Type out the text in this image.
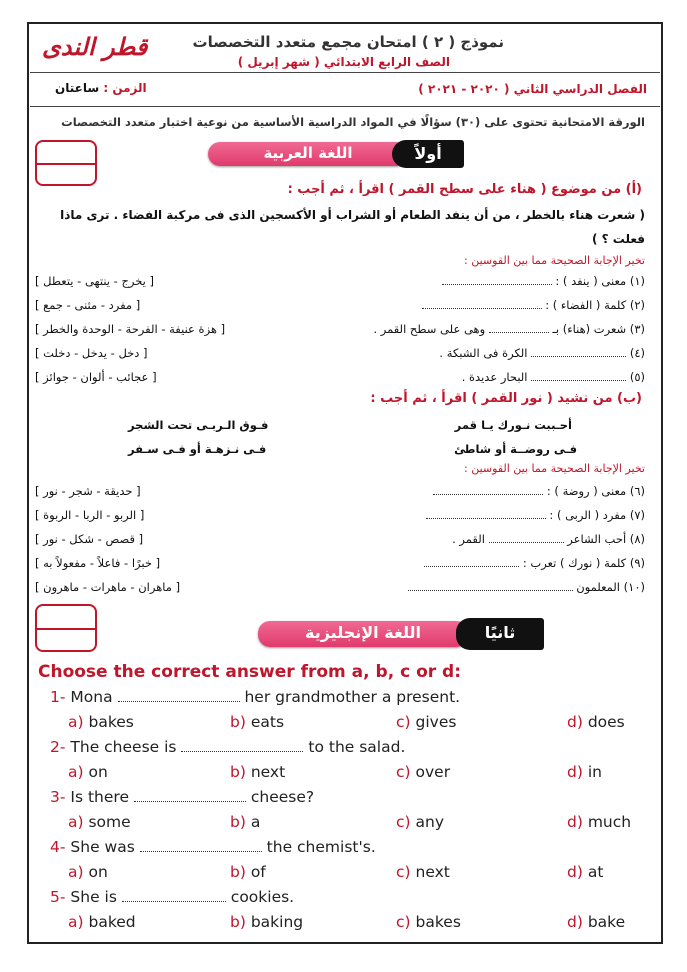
قطر الندى	نموذج ( ٢ ) امتحان مجمع متعدد التخصصات
الصف الرابع الابتدائي ( شهر إبريل )
الفصل الدراسي الثاني ( ٢٠٢٠ - ٢٠٢١ )
الزمن : ساعتان
الورقة الامتحانية تحتوى على (٣٠) سؤالًا في المواد الدراسية الأساسية من نوعية اختبار متعدد التخصصات
اللغة العربية	أولاً
(أ) من موضوع ( هناء على سطح القمر ) اقرأ ، ثم أجب :
( شعرت هناء بالخطر ، من أن ينفد الطعام أو الشراب أو الأكسجين الذى فى مركبة الفضاء . ترى ماذا
فعلت ؟ )
تخير الإجابة الصحيحة مما بين القوسين :
(١) معنى ( ينفد ) :
[ يخرج - ينتهى - يتعطل ]
(٢) كلمة ( الفضاء ) :
[ مفرد - مثنى - جمع ]
(٣) شعرت (هناء) بـ  وهى على سطح القمر .
[ هزة عنيفة - الفرحة - الوحدة والخطر ]
(٤)  الكرة فى الشبكة .
[ دخل - يدخل - دخلت ]
(٥)  البحار عديدة .
[ عجائب - ألوان - جوائز ]
(ب) من نشيد ( نور القمر ) اقرأ ، ثم أجب :
أحـببت نـورك يـا قمر
فـوق الـربـى تحت الشجر
فـى روضــة أو شاطئ
فـى نـزهـة أو فـى سـفر
تخير الإجابة الصحيحة مما بين القوسين :
(٦) معنى ( روضة ) :
[ حديقة - شجر - نور ]
(٧) مفرد ( الربى ) :
[ الربو - الربا - الربوة ]
(٨) أحب الشاعر  القمر .
[ قصص - شكل - نور ]
(٩) كلمة ( نورك ) تعرب :
[ خبرًا - فاعلاً - مفعولاً به ]
(١٠) المعلمون
[ ماهران - ماهرات - ماهرون ]
اللغة الإنجليزية	ثانيًا
Choose the correct answer from a, b, c or d:
1- Mona	her grandmother a present.
a) bakes	b) eats	c) gives	d) does
2- The cheese is	to the salad.
a) on	b) next	c) over	d) in
3- Is there	cheese?
a) some	b) a	c) any	d) much
4- She was	the chemist's.
a) on	b) of	c) next	d) at
5- She is	cookies.
a) baked	b) baking	c) bakes	d) bake
